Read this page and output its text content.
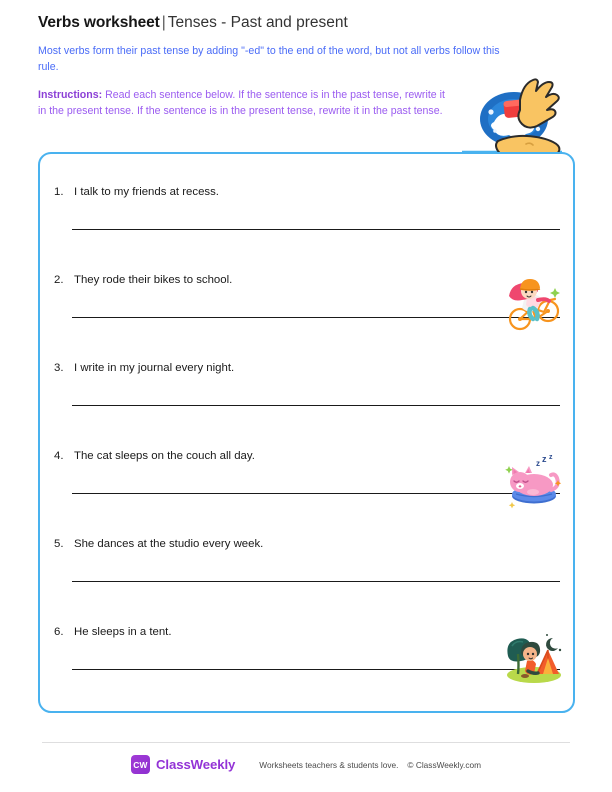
Verbs worksheet | Tenses - Past and present
Most verbs form their past tense by adding "-ed" to the end of the word, but not all verbs follow this rule.
Instructions: Read each sentence below. If the sentence is in the past tense, rewrite it in the present tense. If the sentence is in the present tense, rewrite it in the past tense.
1. I talk to my friends at recess.
2. They rode their bikes to school.
3. I write in my journal every night.
4. The cat sleeps on the couch all day.
z z z
5. She dances at the studio every week.
6. He sleeps in a tent.
CW ClassWeekly	Worksheets teachers & students love. © ClassWeekly.com
